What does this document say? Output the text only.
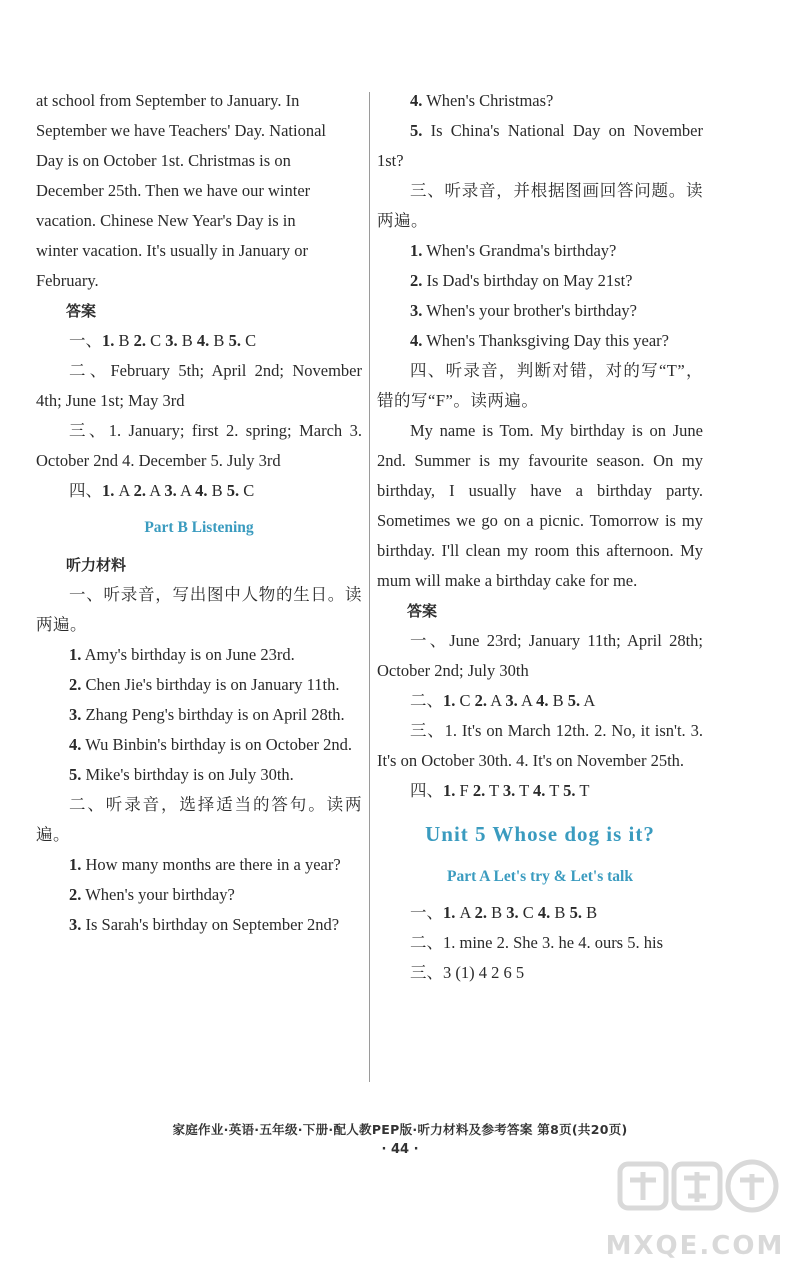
at school from September to January. In

September we have Teachers' Day. National

Day is on October 1st. Christmas is on

December 25th. Then we have our winter

vacation. Chinese New Year's Day is in

winter vacation. It's usually in January or

February.

答案

一、1. B 2. C 3. B 4. B 5. C

二、February 5th; April 2nd; November 4th; June 1st; May 3rd

三、1. January; first 2. spring; March 3. October 2nd 4. December 5. July 3rd

四、1. A 2. A 3. A 4. B 5. C

Part B Listening

听力材料

一、听录音，写出图中人物的生日。读两遍。

1. Amy's birthday is on June 23rd.

2. Chen Jie's birthday is on January 11th.

3. Zhang Peng's birthday is on April 28th.

4. Wu Binbin's birthday is on October 2nd.

5. Mike's birthday is on July 30th.

二、听录音，选择适当的答句。读两遍。

1. How many months are there in a year?

2. When's your birthday?

3. Is Sarah's birthday on September 2nd?

4. When's Christmas?

5. Is China's National Day on November 1st?

三、听录音，并根据图画回答问题。读两遍。

1. When's Grandma's birthday?

2. Is Dad's birthday on May 21st?

3. When's your brother's birthday?

4. When's Thanksgiving Day this year?

四、听录音，判断对错，对的写“T”，错的写“F”。读两遍。

My name is Tom. My birthday is on June 2nd. Summer is my favourite season. On my birthday, I usually have a birthday party. Sometimes we go on a picnic. Tomorrow is my birthday. I'll clean my room this afternoon. My mum will make a birthday cake for me.

答案

一、June 23rd; January 11th; April 28th; October 2nd; July 30th

二、1. C 2. A 3. A 4. B 5. A

三、1. It's on March 12th. 2. No, it isn't. 3. It's on October 30th. 4. It's on November 25th.

四、1. F 2. T 3. T 4. T 5. T

Unit 5 Whose dog is it?
Part A Let's try & Let's talk

一、1. A 2. B 3. C 4. B 5. B

二、1. mine 2. She 3. he 4. ours 5. his

三、3 (1) 4 2 6 5

家庭作业·英语·五年级·下册·配人教PEP版·听力材料及参考答案 第8页(共20页)
· 44 ·
MXQE.COM
